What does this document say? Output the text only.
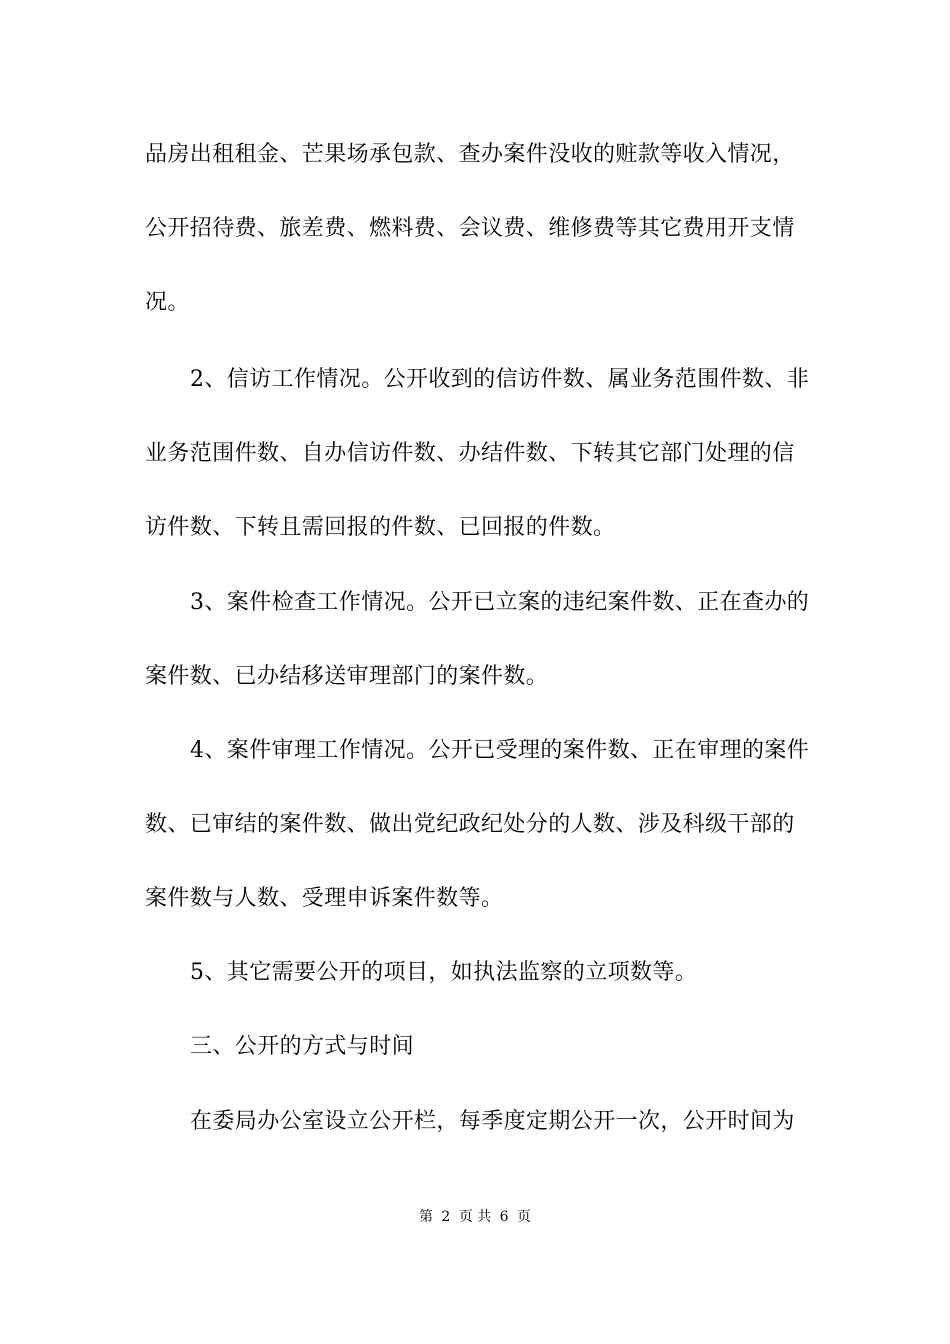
品房出租租金、芒果场承包款、查办案件没收的赃款等收入情况，
公开招待费、旅差费、燃料费、会议费、维修费等其它费用开支情
况。
2、信访工作情况。公开收到的信访件数、属业务范围件数、非
业务范围件数、自办信访件数、办结件数、下转其它部门处理的信
访件数、下转且需回报的件数、已回报的件数。
3、案件检查工作情况。公开已立案的违纪案件数、正在查办的
案件数、已办结移送审理部门的案件数。
4、案件审理工作情况。公开已受理的案件数、正在审理的案件
数、已审结的案件数、做出党纪政纪处分的人数、涉及科级干部的
案件数与人数、受理申诉案件数等。
5、其它需要公开的项目，如执法监察的立项数等。
三、公开的方式与时间
在委局办公室设立公开栏，每季度定期公开一次，公开时间为
第 2 页 共 6 页
